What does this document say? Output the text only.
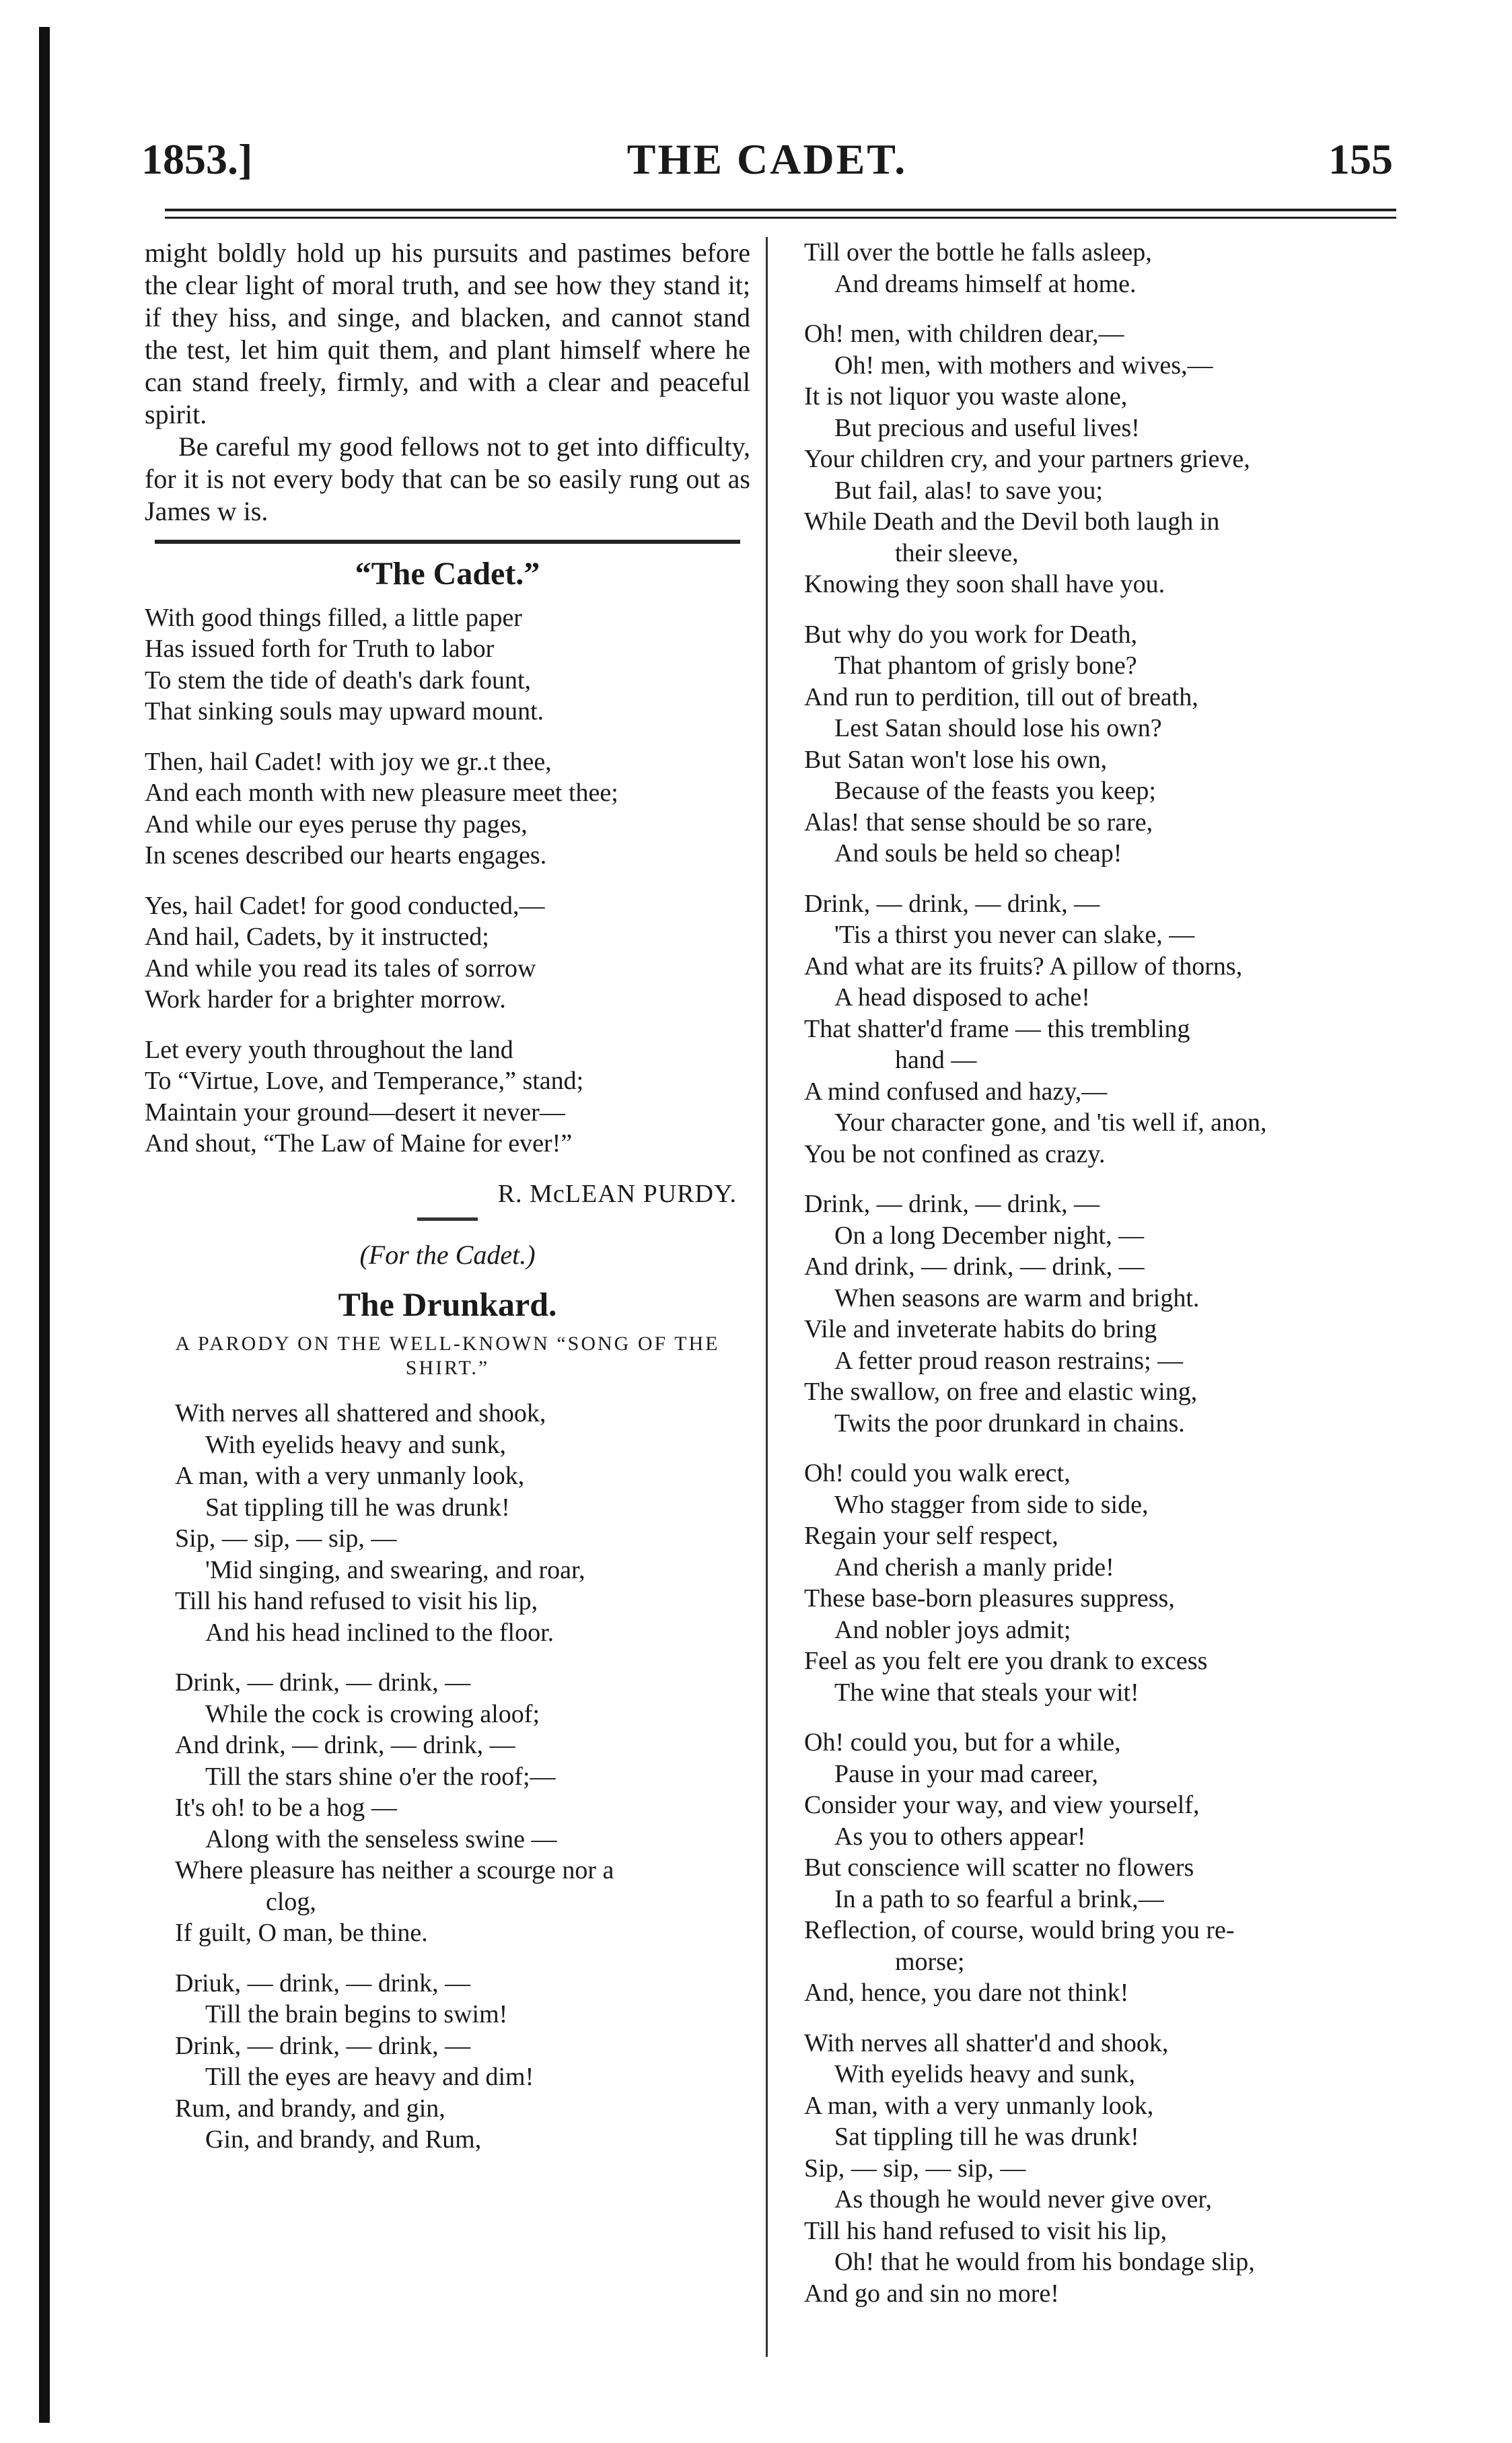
1853.]	THE CADET.	155

might boldly hold up his pursuits and pastimes before the clear light of moral truth, and see how they stand it; if they hiss, and singe, and blacken, and cannot stand the test, let him quit them, and plant himself where he can stand freely, firmly, and with a clear and peaceful spirit.

Be careful my good fellows not to get into difficulty, for it is not every body that can be so easily rung out as James w is.

“The Cadet.”
With good things filled, a little paper
Has issued forth for Truth to labor
To stem the tide of death's dark fount,
That sinking souls may upward mount.
Then, hail Cadet! with joy we gr..t thee,
And each month with new pleasure meet thee;
And while our eyes peruse thy pages,
In scenes described our hearts engages.
Yes, hail Cadet! for good conducted,—
And hail, Cadets, by it instructed;
And while you read its tales of sorrow
Work harder for a brighter morrow.
Let every youth throughout the land
To “Virtue, Love, and Temperance,” stand;
Maintain your ground—desert it never—
And shout, “The Law of Maine for ever!”
R. McLEAN PURDY.
(For the Cadet.)
The Drunkard.
A PARODY ON THE WELL-KNOWN “SONG OF THE SHIRT.”
With nerves all shattered and shook,
With eyelids heavy and sunk,
A man, with a very unmanly look,
Sat tippling till he was drunk!
Sip, — sip, — sip, —
'Mid singing, and swearing, and roar,
Till his hand refused to visit his lip,
And his head inclined to the floor.
Drink, — drink, — drink, —
While the cock is crowing aloof;
And drink, — drink, — drink, —
Till the stars shine o'er the roof;—
It's oh! to be a hog —
Along with the senseless swine —
Where pleasure has neither a scourge nor a
clog,
If guilt, O man, be thine.
Driuk, — drink, — drink, —
Till the brain begins to swim!
Drink, — drink, — drink, —
Till the eyes are heavy and dim!
Rum, and brandy, and gin,
Gin, and brandy, and Rum,
Till over the bottle he falls asleep,
And dreams himself at home.
Oh! men, with children dear,—
Oh! men, with mothers and wives,—
It is not liquor you waste alone,
But precious and useful lives!
Your children cry, and your partners grieve,
But fail, alas! to save you;
While Death and the Devil both laugh in
their sleeve,
Knowing they soon shall have you.
But why do you work for Death,
That phantom of grisly bone?
And run to perdition, till out of breath,
Lest Satan should lose his own?
But Satan won't lose his own,
Because of the feasts you keep;
Alas! that sense should be so rare,
And souls be held so cheap!
Drink, — drink, — drink, —
'Tis a thirst you never can slake, —
And what are its fruits? A pillow of thorns,
A head disposed to ache!
That shatter'd frame — this trembling
hand —
A mind confused and hazy,—
Your character gone, and 'tis well if, anon,
You be not confined as crazy.
Drink, — drink, — drink, —
On a long December night, —
And drink, — drink, — drink, —
When seasons are warm and bright.
Vile and inveterate habits do bring
A fetter proud reason restrains; —
The swallow, on free and elastic wing,
Twits the poor drunkard in chains.
Oh! could you walk erect,
Who stagger from side to side,
Regain your self respect,
And cherish a manly pride!
These base-born pleasures suppress,
And nobler joys admit;
Feel as you felt ere you drank to excess
The wine that steals your wit!
Oh! could you, but for a while,
Pause in your mad career,
Consider your way, and view yourself,
As you to others appear!
But conscience will scatter no flowers
In a path to so fearful a brink,—
Reflection, of course, would bring you re-
morse;
And, hence, you dare not think!
With nerves all shatter'd and shook,
With eyelids heavy and sunk,
A man, with a very unmanly look,
Sat tippling till he was drunk!
Sip, — sip, — sip, —
As though he would never give over,
Till his hand refused to visit his lip,
Oh! that he would from his bondage slip,
And go and sin no more!
